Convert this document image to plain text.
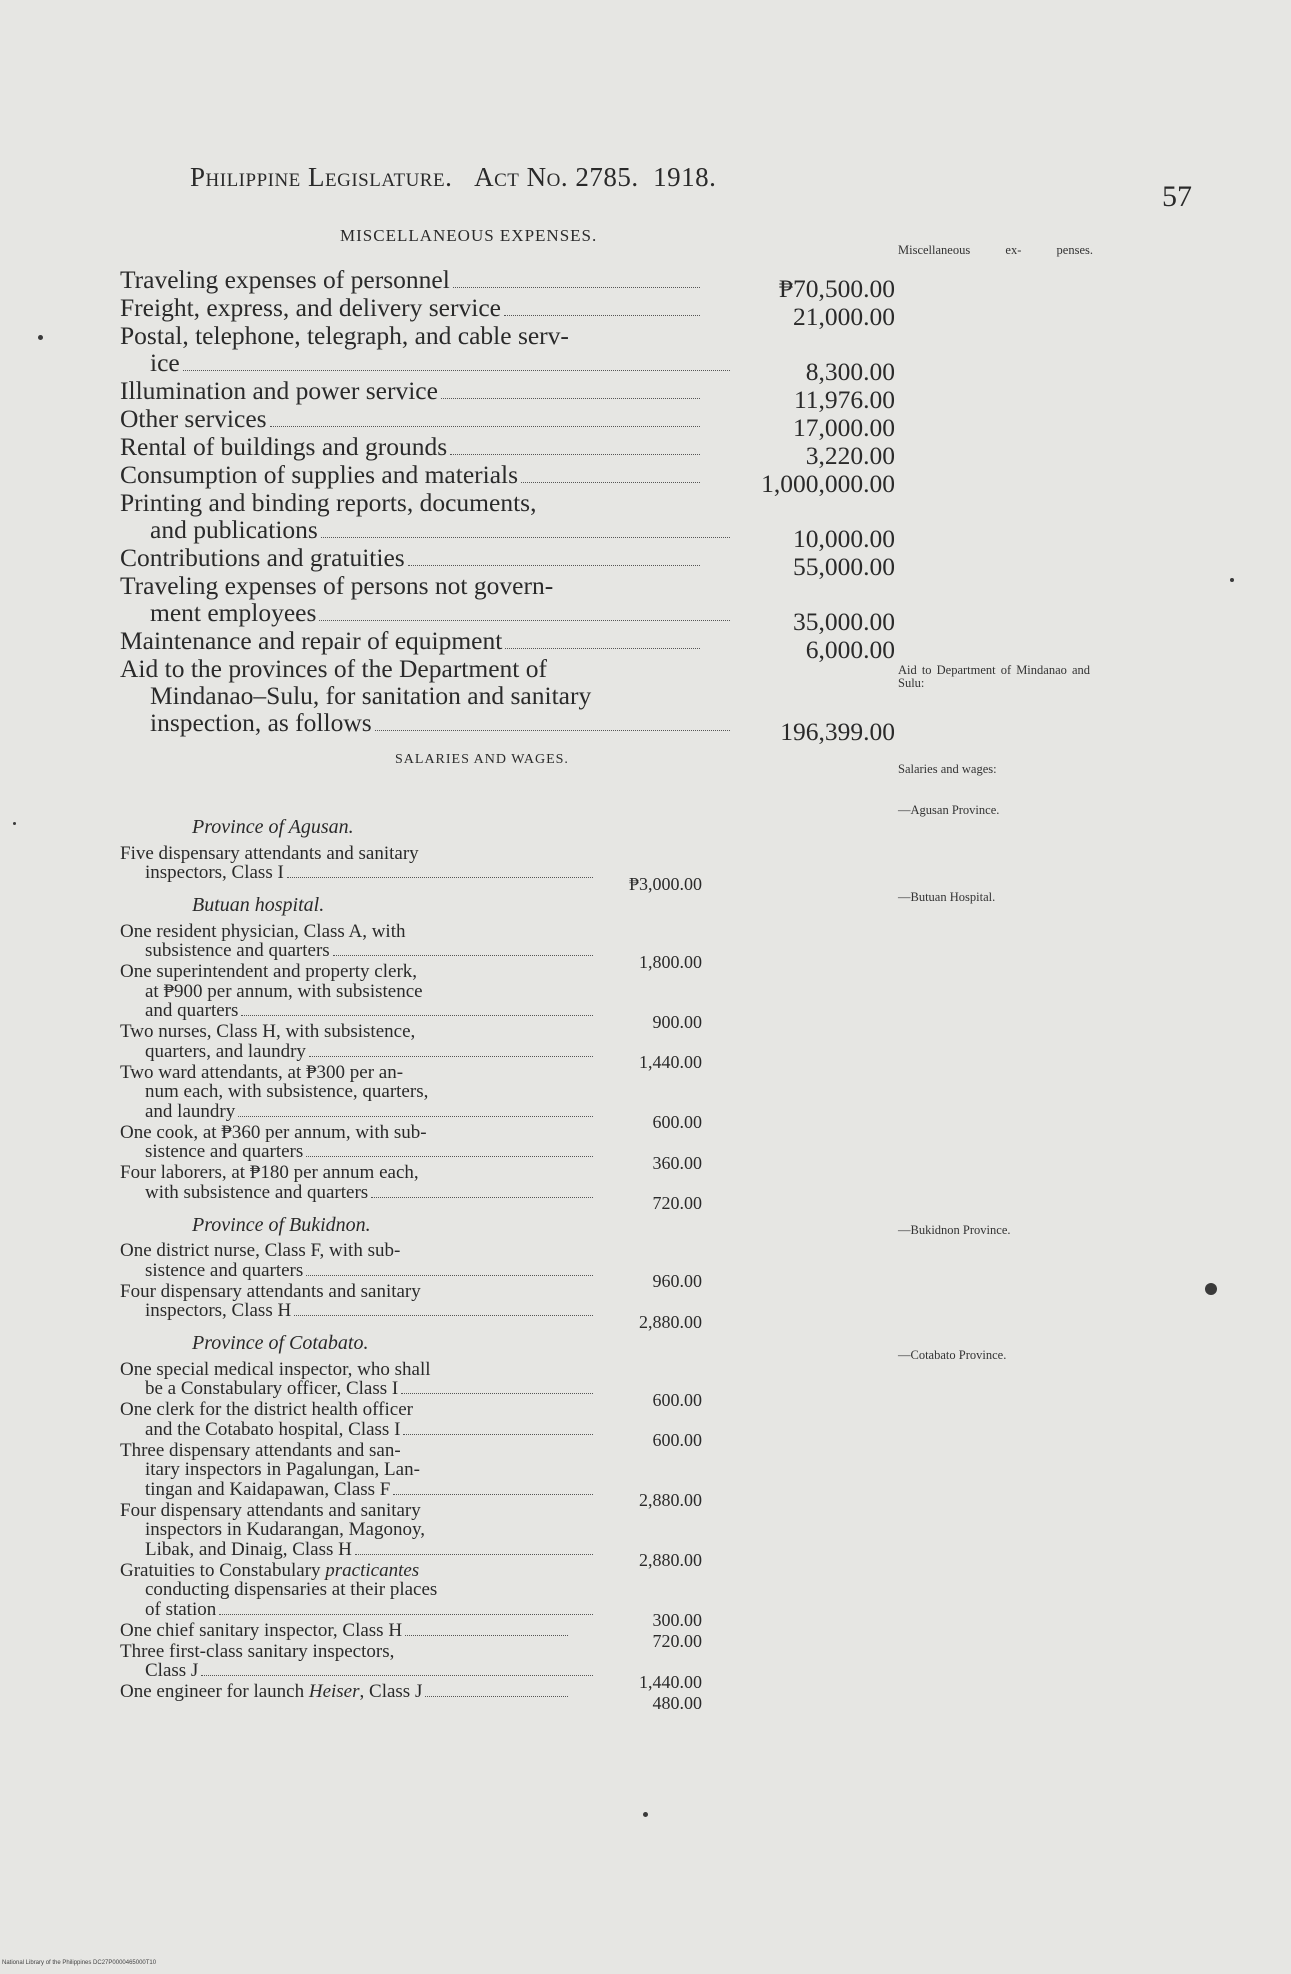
Philippine Legislature. Act No. 2785. 1918.
57
MISCELLANEOUS EXPENSES.
Traveling expenses of personnel	₱70,500.00
Freight, express, and delivery service	21,000.00
Postal, telephone, telegraph, and cable serv-
ice	8,300.00
Illumination and power service	11,976.00
Other services	17,000.00
Rental of buildings and grounds	3,220.00
Consumption of supplies and materials	1,000,000.00
Printing and binding reports, documents,
and publications	10,000.00
Contributions and gratuities	55,000.00
Traveling expenses of persons not govern-
ment employees	35,000.00
Maintenance and repair of equipment	6,000.00
Aid to the provinces of the Department of
Mindanao–Sulu, for sanitation and sanitary
inspection, as follows	196,399.00
SALARIES AND WAGES.
Province of Agusan.
Five dispensary attendants and sanitary
inspectors, Class I
₱3,000.00
Butuan hospital.
One resident physician, Class A, with
subsistence and quarters
1,800.00
One superintendent and property clerk,
at ₱900 per annum, with subsistence
and quarters
900.00
Two nurses, Class H, with subsistence,
quarters, and laundry
1,440.00
Two ward attendants, at ₱300 per an-
num each, with subsistence, quarters,
and laundry
600.00
One cook, at ₱360 per annum, with sub-
sistence and quarters
360.00
Four laborers, at ₱180 per annum each,
with subsistence and quarters
720.00
Province of Bukidnon.
One district nurse, Class F, with sub-
sistence and quarters
960.00
Four dispensary attendants and sanitary
inspectors, Class H
2,880.00
Province of Cotabato.
One special medical inspector, who shall
be a Constabulary officer, Class I
600.00
One clerk for the district health officer
and the Cotabato hospital, Class I
600.00
Three dispensary attendants and san-
itary inspectors in Pagalungan, Lan-
tingan and Kaidapawan, Class F
2,880.00
Four dispensary attendants and sanitary
inspectors in Kudarangan, Magonoy,
Libak, and Dinaig, Class H
2,880.00
Gratuities to Constabulary practicantes
conducting dispensaries at their places
of station
300.00
One chief sanitary inspector, Class H
720.00
Three first-class sanitary inspectors,
Class J
1,440.00
One engineer for launch Heiser, Class J
480.00
Miscellaneous ex- penses.
Aid to Department of Mindanao and Sulu:
Salaries and wages:
—Agusan Province.
—Butuan Hospital.
—Bukidnon Province.
—Cotabato Province.
National Library of the Philippines DC27P0000465000T10
